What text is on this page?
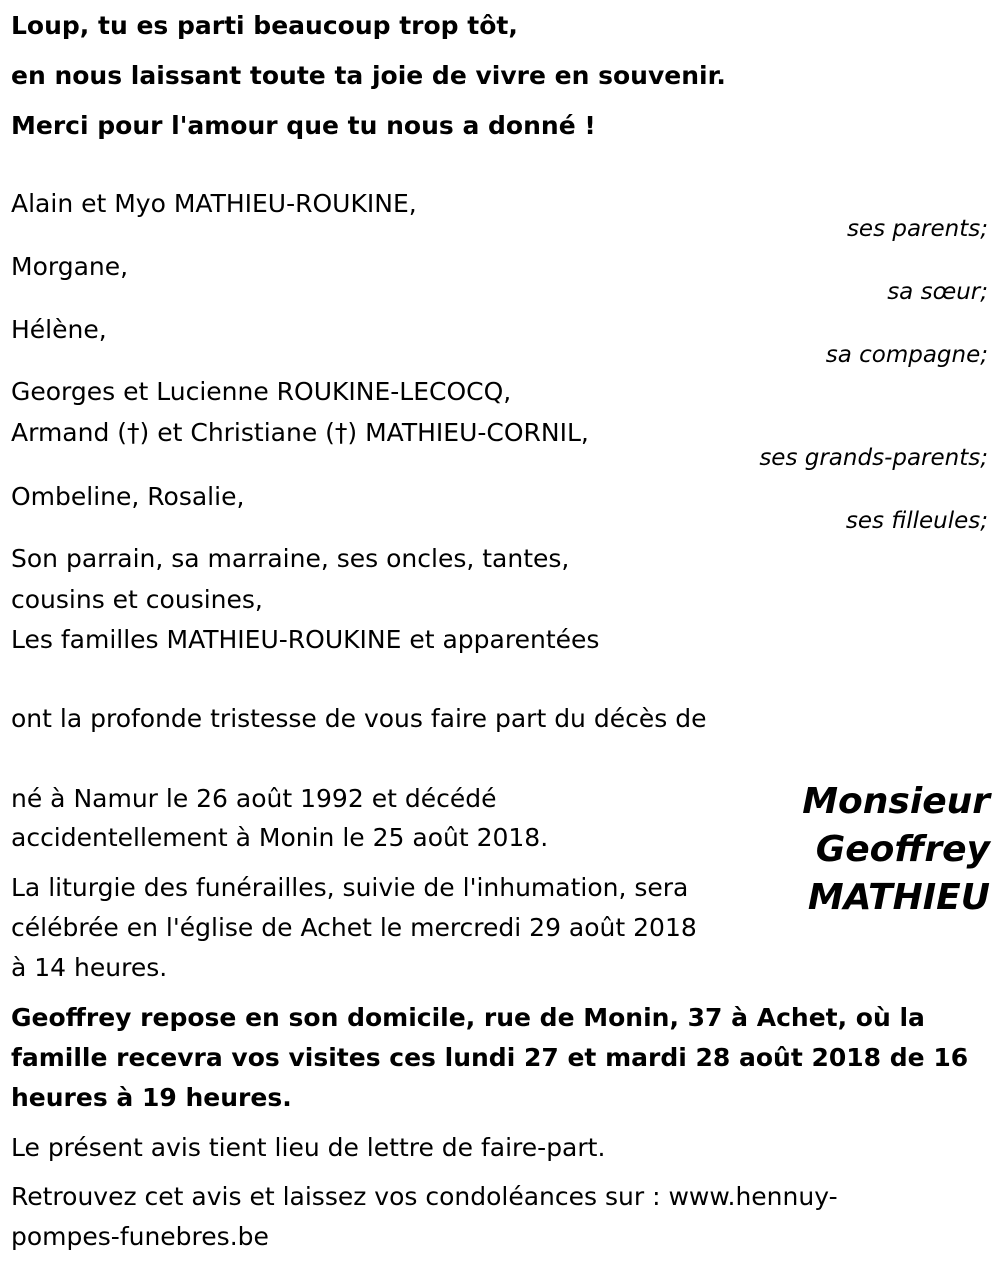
Loup, tu es parti beaucoup trop tôt,
en nous laissant toute ta joie de vivre en souvenir.
Merci pour l'amour que tu nous a donné !
Alain et Myo MATHIEU-ROUKINE,
ses parents;
Morgane,
sa sœur;
Hélène,
sa compagne;
Georges et Lucienne ROUKINE-LECOCQ,
Armand (†) et Christiane (†) MATHIEU-CORNIL,
ses grands-parents;
Ombeline, Rosalie,
ses filleules;
Son parrain, sa marraine, ses oncles, tantes,
cousins et cousines,
Les familles MATHIEU-ROUKINE et apparentées
ont la profonde tristesse de vous faire part du décès de
Monsieur
Geoffrey
MATHIEU
né à Namur le 26 août 1992 et décédé
accidentellement à Monin le 25 août 2018.
La liturgie des funérailles, suivie de l'inhumation, sera
célébrée en l'église de Achet le mercredi 29 août 2018
à 14 heures.
Geoffrey repose en son domicile, rue de Monin, 37 à Achet, où la
famille recevra vos visites ces lundi 27 et mardi 28 août 2018 de 16
heures à 19 heures.
Le présent avis tient lieu de lettre de faire-part.
Retrouvez cet avis et laissez vos condoléances sur : www.hennuy-
pompes-funebres.be
